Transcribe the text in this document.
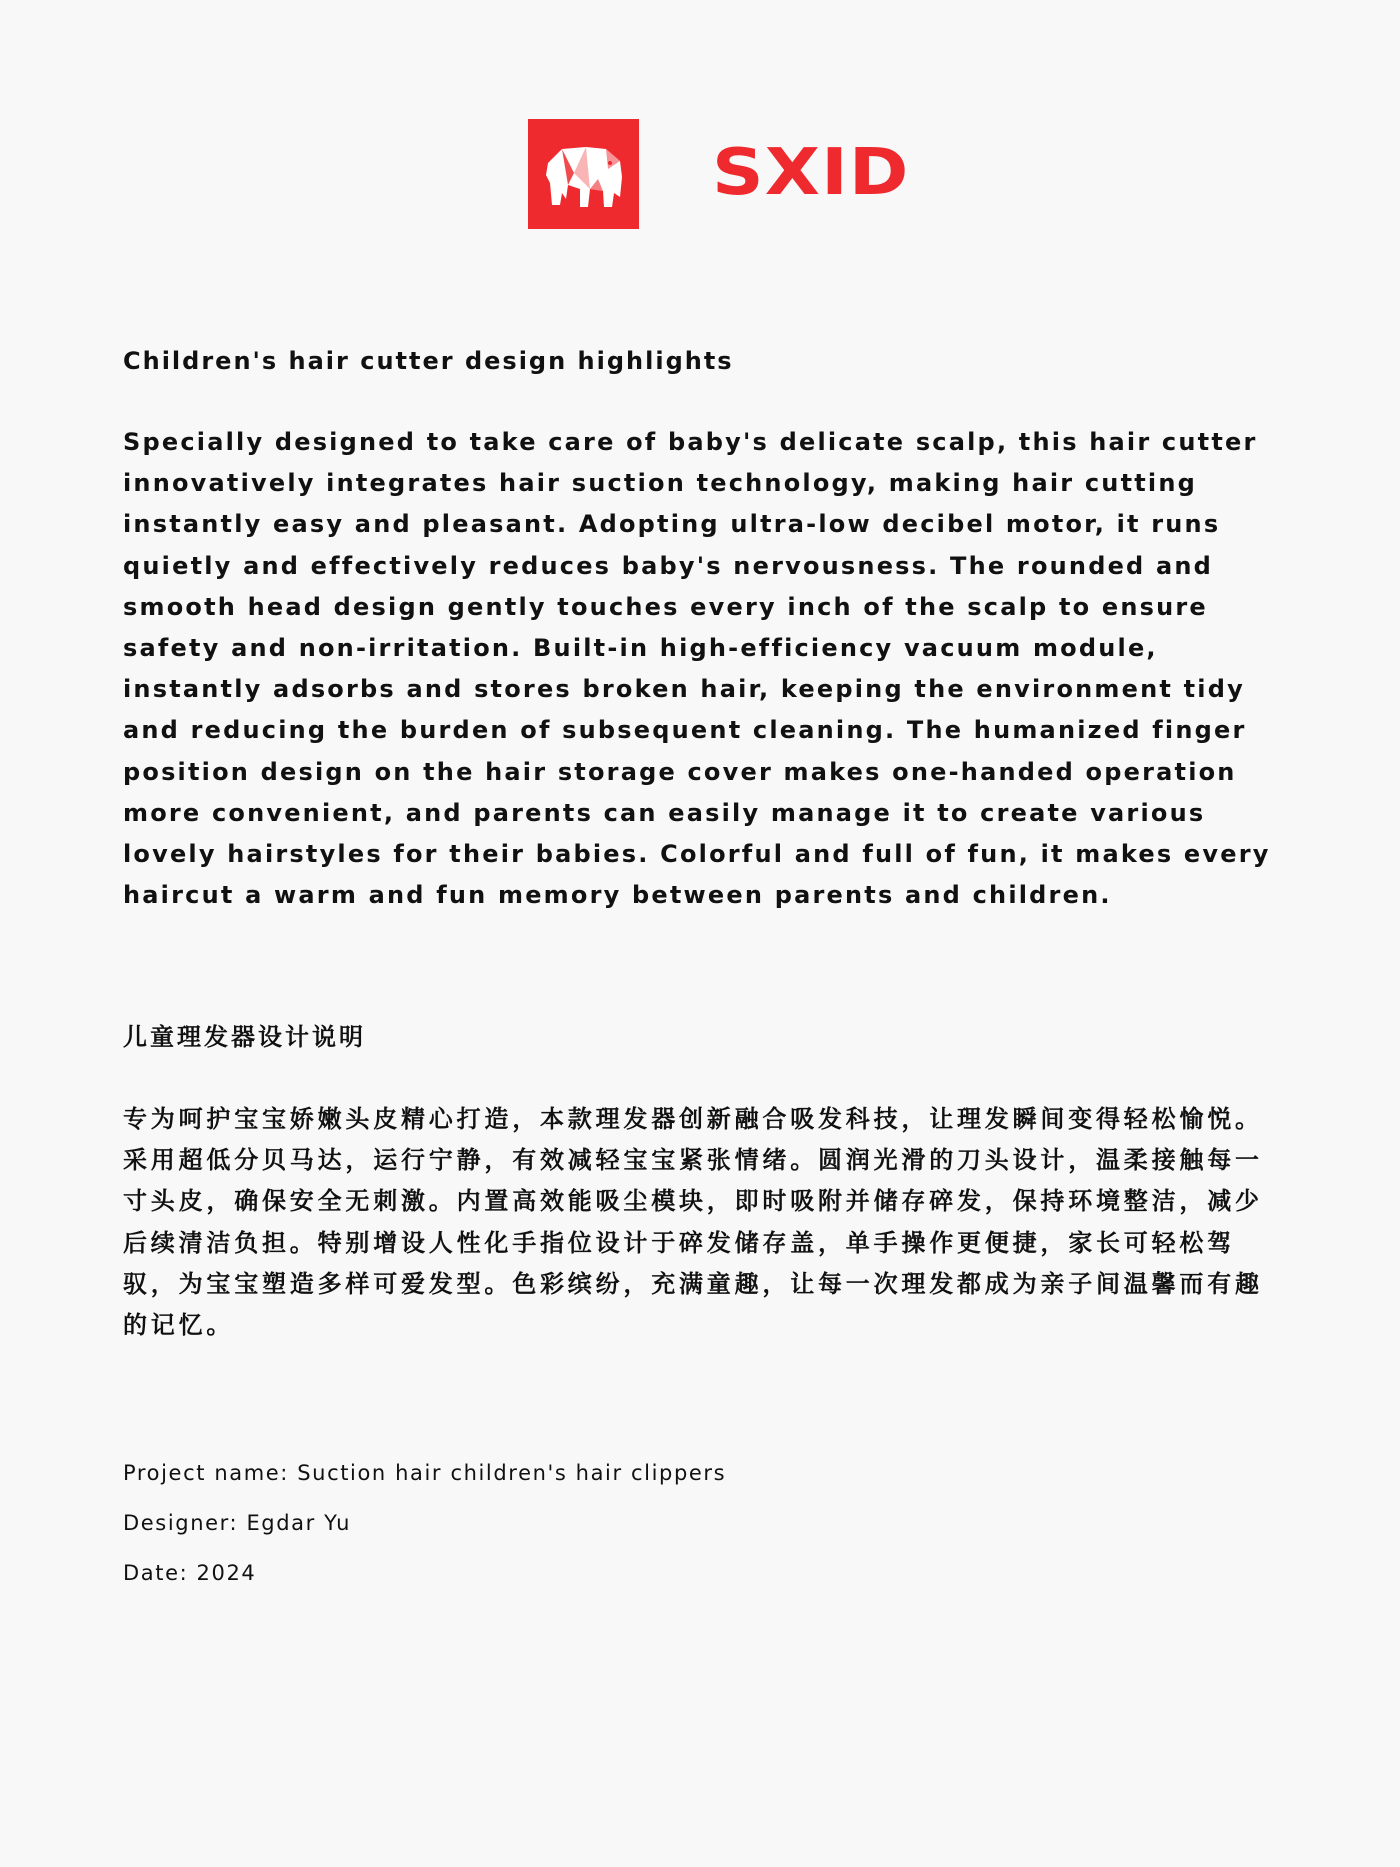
SXID
Children's hair cutter design highlights

Specially designed to take care of baby's delicate scalp, this hair cutter innovatively integrates hair suction technology, making hair cutting instantly easy and pleasant. Adopting ultra-low decibel motor, it runs quietly and effectively reduces baby's nervousness. The rounded and smooth head design gently touches every inch of the scalp to ensure safety and non-irritation. Built-in high-efficiency vacuum module, instantly adsorbs and stores broken hair, keeping the environment tidy and reducing the burden of subsequent cleaning. The humanized finger position design on the hair storage cover makes one-handed operation more convenient, and parents can easily manage it to create various lovely hairstyles for their babies. Colorful and full of fun, it makes every haircut a warm and fun memory between parents and children.

儿童理发器设计说明

专为呵护宝宝娇嫩头皮精心打造，本款理发器创新融合吸发科技，让理发瞬间变得轻松愉悦。采用超低分贝马达，运行宁静，有效减轻宝宝紧张情绪。圆润光滑的刀头设计，温柔接触每一寸头皮，确保安全无刺激。内置高效能吸尘模块，即时吸附并储存碎发，保持环境整洁，减少后续清洁负担。特别增设人性化手指位设计于碎发储存盖，单手操作更便捷，家长可轻松驾驭，为宝宝塑造多样可爱发型。色彩缤纷，充满童趣，让每一次理发都成为亲子间温馨而有趣的记忆。

Project name: Suction hair children's hair clippers

Designer: Egdar Yu

Date: 2024
